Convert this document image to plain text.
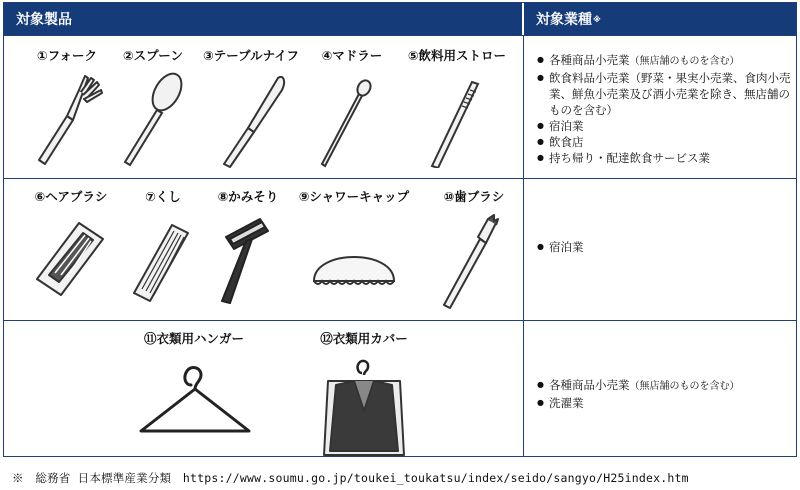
対象製品	対象業種 ※
①フォーク	②スプーン	③テーブルナイフ	④マドラー	⑤飲料用ストロー
●	各種商品小売業（無店舗のものを含む）
● 飲食料品小売業（野菜・果実小売業、食肉小売業、鮮魚小売業及び酒小売業を除き、無店舗のものを含む）
● 宿泊業
● 飲食店
● 持ち帰り・配達飲食サービス業
⑥ヘアブラシ	⑦くし	⑧かみそり	⑨シャワーキャップ	⑩歯ブラシ
● 宿泊業
⑪衣類用ハンガー	⑫衣類用カバー
● 各種商品小売業（無店舗のものを含む）
● 洗濯業
※　総務省 日本標準産業分類　https://www.soumu.go.jp/toukei_toukatsu/index/seido/sangyo/H25index.htm
